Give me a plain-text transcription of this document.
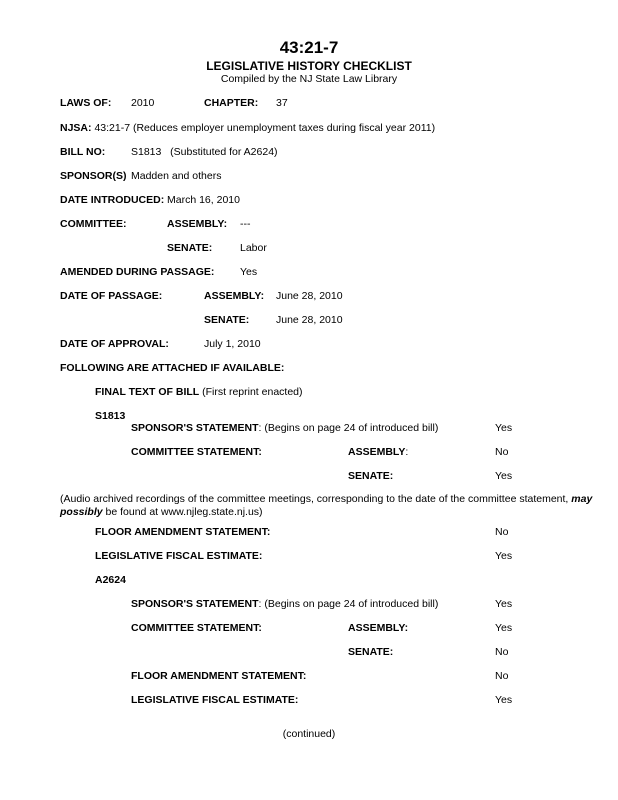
43:21-7
LEGISLATIVE HISTORY CHECKLIST
Compiled by the NJ State Law Library
LAWS OF: 2010	CHAPTER: 37
NJSA: 43:21-7 (Reduces employer unemployment taxes during fiscal year 2011)
BILL NO: S1813 (Substituted for A2624)
SPONSOR(S) Madden and others
DATE INTRODUCED: March 16, 2010
COMMITTEE:	ASSEMBLY: ---
SENATE:	Labor
AMENDED DURING PASSAGE: Yes
DATE OF PASSAGE:	ASSEMBLY: June 28, 2010
SENATE:	June 28, 2010
DATE OF APPROVAL:	July 1, 2010
FOLLOWING ARE ATTACHED IF AVAILABLE:
FINAL TEXT OF BILL (First reprint enacted)
S1813
SPONSOR'S STATEMENT: (Begins on page 24 of introduced bill)	Yes
COMMITTEE STATEMENT:	ASSEMBLY:	No
SENATE:	Yes
(Audio archived recordings of the committee meetings, corresponding to the date of the committee statement, may possibly be found at www.njleg.state.nj.us)
FLOOR AMENDMENT STATEMENT:	No
LEGISLATIVE FISCAL ESTIMATE:	Yes
A2624
SPONSOR'S STATEMENT: (Begins on page 24 of introduced bill)	Yes
COMMITTEE STATEMENT:	ASSEMBLY:	Yes
SENATE:	No
FLOOR AMENDMENT STATEMENT:	No
LEGISLATIVE FISCAL ESTIMATE:	Yes
(continued)
